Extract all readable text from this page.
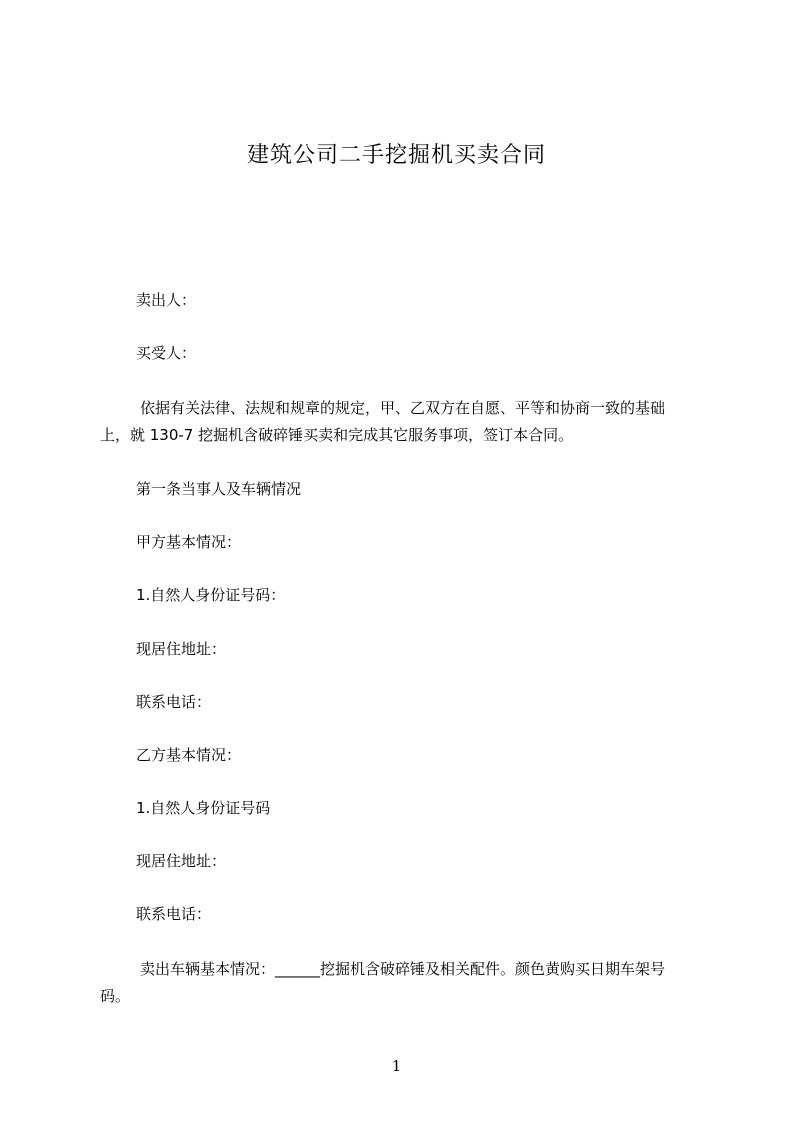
建筑公司二手挖掘机买卖合同
卖出人：
买受人：
依据有关法律、法规和规章的规定，甲、乙双方在自愿、平等和协商一致的基础
上，就 130-7 挖掘机含破碎锤买卖和完成其它服务事项，签订本合同。
第一条当事人及车辆情况
甲方基本情况：
1.自然人身份证号码：
现居住地址：
联系电话：
乙方基本情况：
1.自然人身份证号码
现居住地址：
联系电话：
卖出车辆基本情况：______挖掘机含破碎锤及相关配件。颜色黄购买日期车架号
码。
1
